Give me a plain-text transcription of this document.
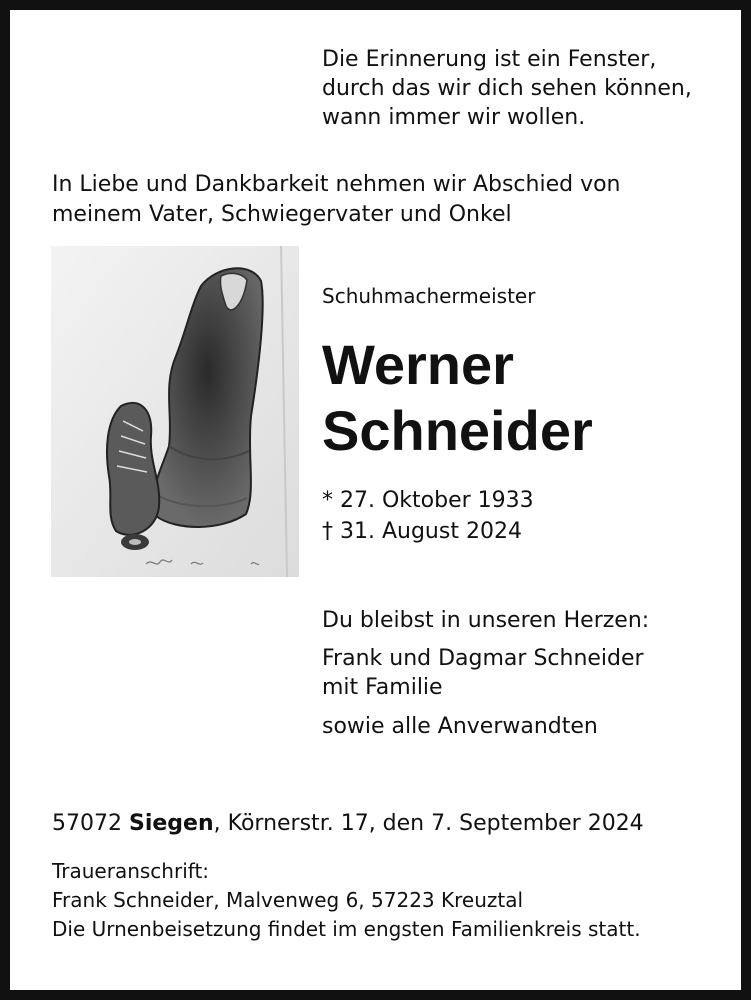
Die Erinnerung ist ein Fenster,
durch das wir dich sehen können,
wann immer wir wollen.
In Liebe und Dankbarkeit nehmen wir Abschied von
meinem Vater, Schwiegervater und Onkel
Schuhmachermeister
Werner
Schneider
* 27. Oktober 1933
† 31. August 2024
Du bleibst in unseren Herzen:
Frank und Dagmar Schneider
mit Familie
sowie alle Anverwandten
57072 Siegen, Körnerstr. 17, den 7. September 2024
Traueranschrift:
Frank Schneider, Malvenweg 6, 57223 Kreuztal
Die Urnenbeisetzung findet im engsten Familienkreis statt.
